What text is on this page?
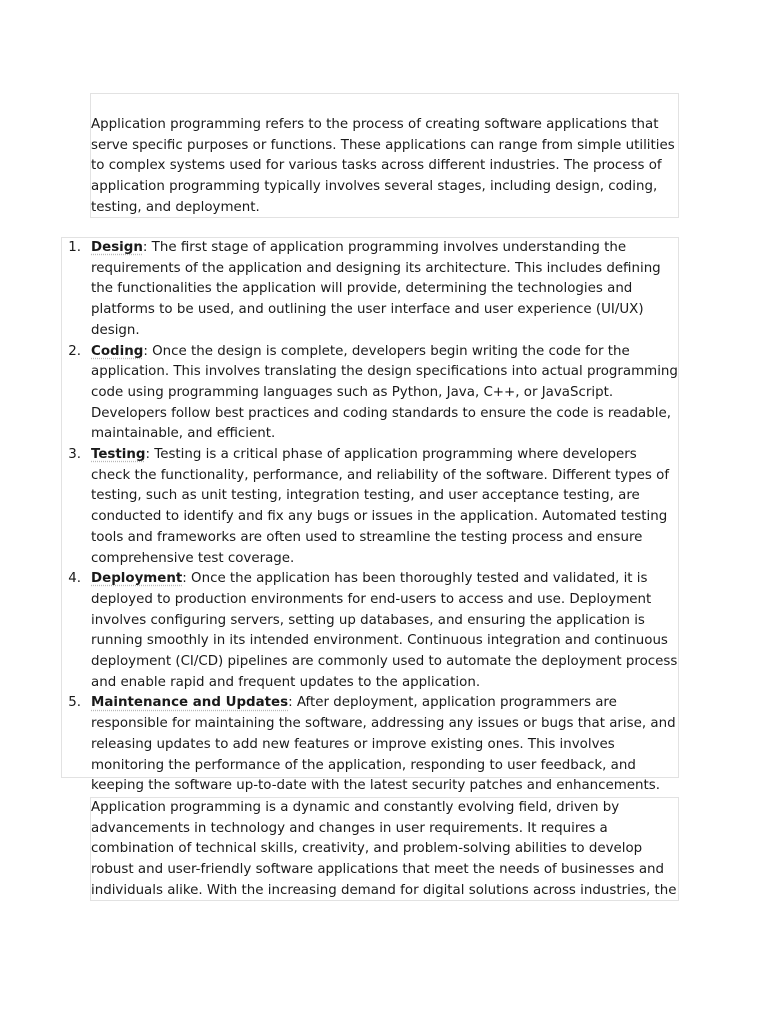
Application programming refers to the process of creating software applications that serve specific purposes or functions. These applications can range from simple utilities to complex systems used for various tasks across different industries. The process of application programming typically involves several stages, including design, coding, testing, and deployment.

1. Design: The first stage of application programming involves understanding the requirements of the application and designing its architecture. This includes defining the functionalities the application will provide, determining the technologies and platforms to be used, and outlining the user interface and user experience (UI/UX) design.
2. Coding: Once the design is complete, developers begin writing the code for the application. This involves translating the design specifications into actual programming code using programming languages such as Python, Java, C++, or JavaScript. Developers follow best practices and coding standards to ensure the code is readable, maintainable, and efficient.
3. Testing: Testing is a critical phase of application programming where developers check the functionality, performance, and reliability of the software. Different types of testing, such as unit testing, integration testing, and user acceptance testing, are conducted to identify and fix any bugs or issues in the application. Automated testing tools and frameworks are often used to streamline the testing process and ensure comprehensive test coverage.
4. Deployment: Once the application has been thoroughly tested and validated, it is deployed to production environments for end-users to access and use. Deployment involves configuring servers, setting up databases, and ensuring the application is running smoothly in its intended environment. Continuous integration and continuous deployment (CI/CD) pipelines are commonly used to automate the deployment process and enable rapid and frequent updates to the application.
5. Maintenance and Updates: After deployment, application programmers are responsible for maintaining the software, addressing any issues or bugs that arise, and releasing updates to add new features or improve existing ones. This involves monitoring the performance of the application, responding to user feedback, and keeping the software up-to-date with the latest security patches and enhancements.

Application programming is a dynamic and constantly evolving field, driven by advancements in technology and changes in user requirements. It requires a combination of technical skills, creativity, and problem-solving abilities to develop robust and user-friendly software applications that meet the needs of businesses and individuals alike. With the increasing demand for digital solutions across industries, the
